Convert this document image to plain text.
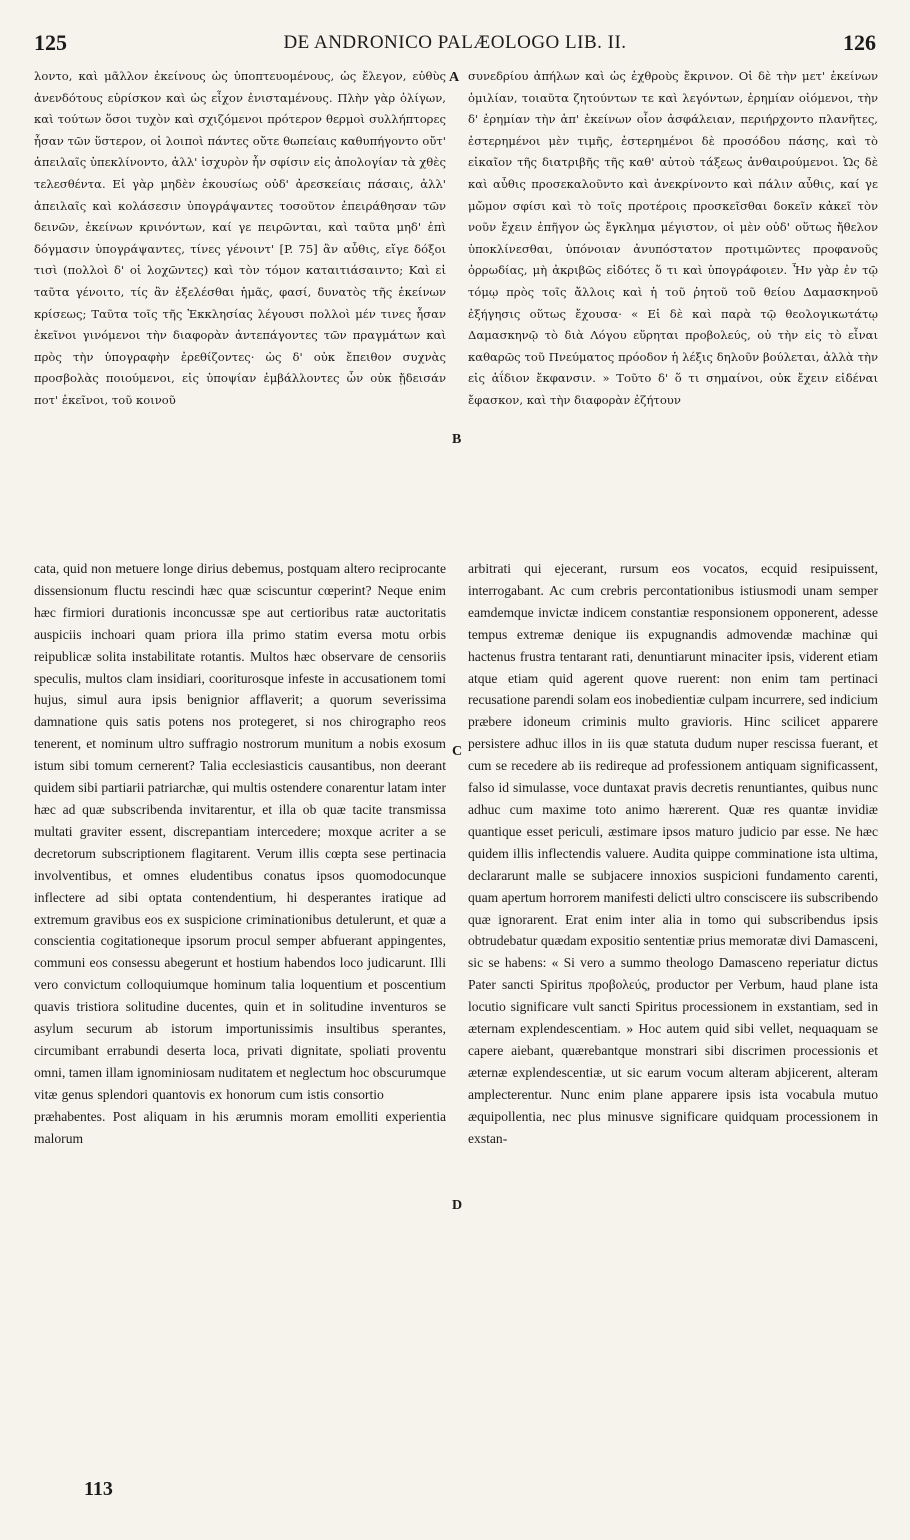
125	DE ANDRONICO PALÆOLOGO LIB. II.	126

λοντο, καὶ μᾶλλον ἐκείνους ὡς ὑποπτευομένους, ὡς ἔλεγον, εὐθὺς ἀνενδότους εὑρίσκον καὶ ὡς εἶχον ἐνισταμένους. Πλὴν γὰρ ὀλίγων, καὶ τούτων ὅσοι τυχὸν καὶ σχιζόμενοι πρότερον θερμοὶ συλλήπτορες ἦσαν τῶν ὕστερον, οἱ λοιποὶ πάντες οὔτε θωπείαις καθυπήγοντο οὔτ' ἀπειλαῖς ὑπεκλίνοντο, ἀλλ' ἰσχυρὸν ἦν σφίσιν εἰς ἀπολογίαν τὰ χθὲς τελεσθέντα. Εἰ γὰρ μηδὲν ἑκουσίως οὐδ' ἀρεσκείαις πάσαις, ἀλλ' ἀπειλαῖς καὶ κολάσεσιν ὑπογράψαντες τοσοῦτον ἐπειράθησαν τῶν δεινῶν, ἐκείνων κρινόντων, καί γε πειρῶνται, καὶ ταῦτα μηδ' ἐπὶ δόγμασιν ὑπογράψαντες, τίνες γένοιντ' [P. 75] ἂν αὖθις, εἴγε δόξοι τισὶ (πολλοὶ δ' οἱ λοχῶντες) καὶ τὸν τόμον καταιτιάσαιντο; Καὶ εἰ ταῦτα γένοιτο, τίς ἂν ἐξελέσθαι ἡμᾶς, φασί, δυνατὸς τῆς ἐκείνων κρίσεως; Ταῦτα τοῖς τῆς Ἐκκλησίας λέγουσι πολλοὶ μέν τινες ἦσαν ἐκεῖνοι γινόμενοι τὴν διαφορὰν ἀντεπάγοντες τῶν πραγμάτων καὶ πρὸς τὴν ὑπογραφὴν ἐρεθίζοντες· ὡς δ' οὐκ ἔπειθον συχνὰς προσβολὰς ποιούμενοι, εἰς ὑποψίαν ἐμβάλλοντες ὧν οὐκ ᾔδεισάν ποτ' ἐκεῖνοι, τοῦ κοινοῦ

συνεδρίου ἀπήλων καὶ ὡς ἐχθροὺς ἔκρινον. Οἱ δὲ τὴν μετ' ἐκείνων ὁμιλίαν, τοιαῦτα ζητούντων τε καὶ λεγόντων, ἐρημίαν οἰόμενοι, τὴν δ' ἐρημίαν τὴν ἀπ' ἐκείνων οἷον ἀσφάλειαν, περιήρχοντο πλανῆτες, ἐστερημένοι μὲν τιμῆς, ἐστερημένοι δὲ προσόδου πάσης, καὶ τὸ εἰκαῖον τῆς διατριβῆς τῆς καθ' αὑτοὺ τάξεως ἀνθαιρούμενοι. Ὡς δὲ καὶ αὖθις προσεκαλοῦντο καὶ ἀνεκρίνοντο καὶ πάλιν αὖθις, καί γε μὤμον σφίσι καὶ τὸ τοῖς προτέροις προσκεῖσθαι δοκεῖν κἀκεῖ τὸν νοῦν ἔχειν ἐπῆγον ὡς ἔγκλημα μέγιστον, οἱ μὲν οὐδ' οὕτως ἤθελον ὑποκλίνεσθαι, ὑπόνοιαν ἀνυπόστατον προτιμῶντες προφανοῦς ὀρρωδίας, μὴ ἀκριβῶς εἰδότες ὅ τι καὶ ὑπογράφοιεν. Ἦν γὰρ ἐν τῷ τόμῳ πρὸς τοῖς ἄλλοις καὶ ἡ τοῦ ῥητοῦ τοῦ θείου Δαμασκηνοῦ ἐξήγησις οὕτως ἔχουσα· « Εἰ δὲ καὶ παρὰ τῷ θεολογικωτάτῳ Δαμασκηνῷ τὸ διὰ Λόγου εὕρηται προβολεύς, οὐ τὴν εἰς τὸ εἶναι καθαρῶς τοῦ Πνεύματος πρόοδον ἡ λέξις δηλοῦν βούλεται, ἀλλὰ τὴν εἰς ἀΐδιον ἔκφανσιν. » Τοῦτο δ' ὅ τι σημαίνοι, οὐκ ἔχειν εἰδέναι ἔφασκον, καὶ τὴν διαφορὰν ἐζήτουν

A
B

cata, quid non metuere longe dirius debemus, postquam altero reciprocante dissensionum fluctu rescindi hæc quæ sciscuntur cœperint? Neque enim hæc firmiori durationis inconcussæ spe aut certioribus ratæ auctoritatis auspiciis inchoari quam priora illa primo statim eversa motu orbis reipublicæ solita instabilitate rotantis. Multos hæc observare de censoriis speculis, multos clam insidiari, cooriturosque infeste in accusationem tomi hujus, simul aura ipsis benignior afflaverit; a quorum severissima damnatione quis satis potens nos protegeret, si nos chirographo reos tenerent, et nominum ultro suffragio nostrorum munitum a nobis exosum istum sibi tomum cernerent? Talia ecclesiasticis causantibus, non deerant quidem sibi partiarii patriarchæ, qui multis ostendere conarentur latam inter hæc ad quæ subscribenda invitarentur, et illa ob quæ tacite transmissa multati graviter essent, discrepantiam intercedere; moxque acriter a se decretorum subscriptionem flagitarent. Verum illis cœpta sese pertinacia involventibus, et omnes eludentibus conatus ipsos quomodocunque inflectere ad sibi optata contendentium, hi desperantes iratique ad extremum gravibus eos ex suspicione criminationibus detulerunt, et quæ a conscientia cogitationeque ipsorum procul semper abfuerant appingentes, communi eos consessu abegerunt et hostium habendos loco judicarunt. Illi vero convictum colloquiumque hominum talia loquentium et poscentium quavis tristiora solitudine ducentes, quin et in solitudine inventuros se asylum securum ab istorum importunissimis insultibus sperantes, circumibant errabundi deserta loca, privati dignitate, spoliati proventu omni, tamen illam ignominiosam nuditatem et neglectum hoc obscurumque vitæ genus splendori quantovis ex honorum cum istis consortio  præhabentes. Post aliquam in his ærumnis moram emolliti experientia malorum

arbitrati qui ejecerant, rursum eos vocatos, ecquid resipuissent, interrogabant. Ac cum crebris percontationibus istiusmodi unam semper eamdemque invictæ indicem constantiæ responsionem opponerent, adesse tempus extremæ denique iis expugnandis admovendæ machinæ qui hactenus frustra tentarant rati, denuntiarunt minaciter ipsis, viderent etiam atque etiam quid agerent quove ruerent: non enim tam pertinaci recusatione parendi solam eos inobedientiæ culpam incurrere, sed indicium præbere idoneum criminis multo gravioris. Hinc scilicet apparere persistere adhuc illos in iis quæ statuta dudum nuper rescissa fuerant, et cum se recedere ab iis redireque ad professionem antiquam significassent, falso id simulasse, voce duntaxat pravis decretis renuntiantes, quibus nunc adhuc cum maxime toto animo hærerent. Quæ res quantæ invidiæ quantique esset periculi, æstimare ipsos maturo judicio par esse. Ne hæc quidem illis inflectendis valuere. Audita quippe comminatione ista ultima, declararunt malle se subjacere innoxios suspicioni fundamento carenti, quam apertum horrorem manifesti delicti ultro consciscere iis subscribendo quæ ignorarent. Erat enim inter alia in tomo qui subscribendus ipsis obtrudebatur quædam expositio sententiæ prius memoratæ divi Damasceni, sic se habens: « Si vero a summo theologo Damasceno reperiatur dictus Pater sancti Spiritus προβολεύς, productor per Verbum, haud plane ista locutio significare vult sancti Spiritus processionem in exstantiam, sed in æternam explendescentiam. » Hoc autem quid sibi vellet, nequaquam se capere aiebant, quærebantque monstrari sibi discrimen processionis et æternæ explendescentiæ, ut sic earum vocum alteram abjicerent, alteram amplecterentur. Nunc enim plane apparere ipsis ista vocabula mutuo æquipollentia, nec plus minusve significare quidquam processionem in exstan-

C
D
113
